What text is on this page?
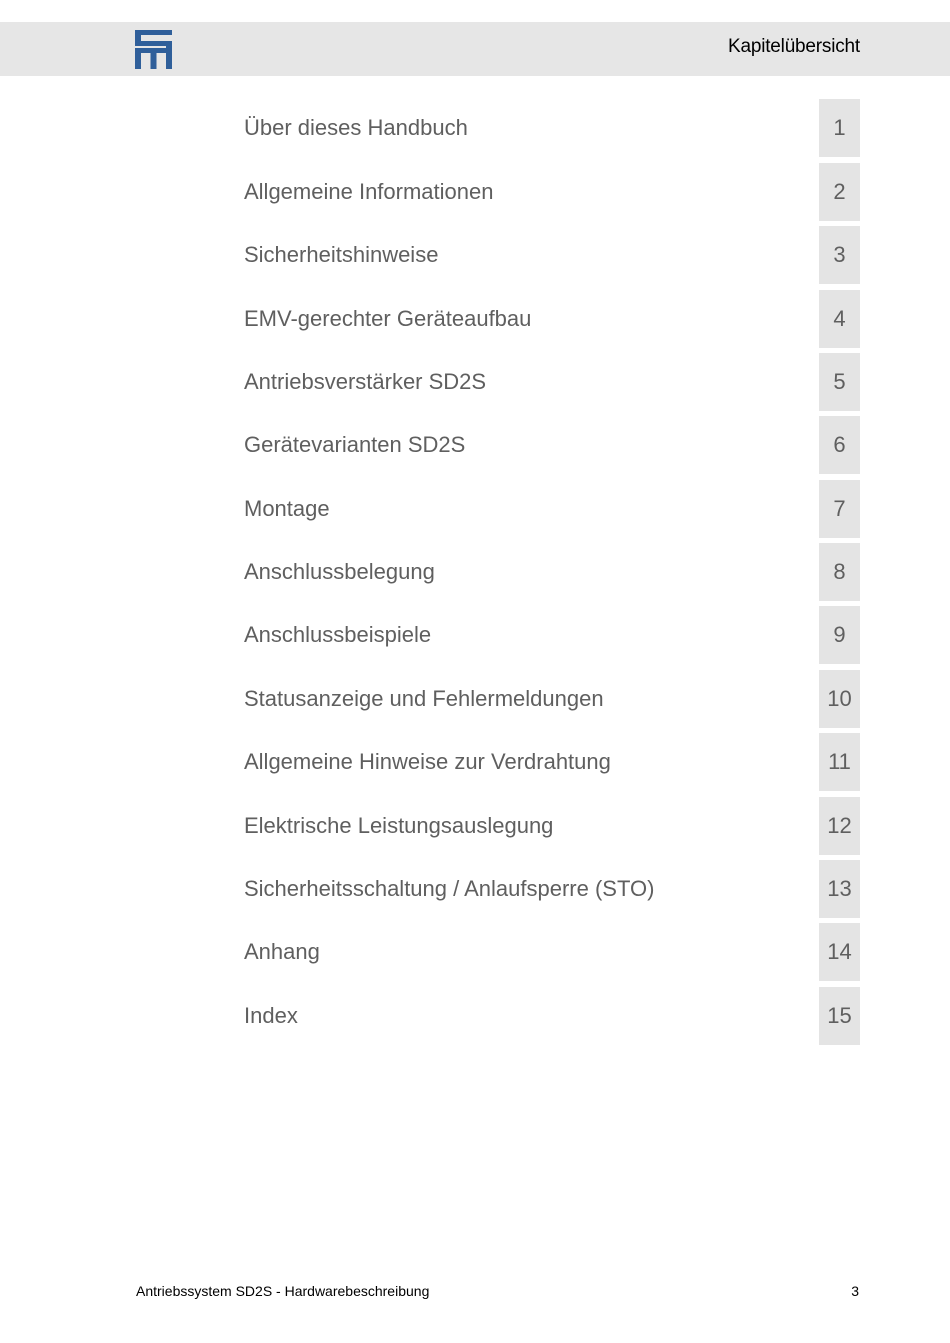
Kapitelübersicht
Über dieses Handbuch	1
Allgemeine Informationen	2
Sicherheitshinweise	3
EMV-gerechter Geräteaufbau	4
Antriebsverstärker SD2S	5
Gerätevarianten SD2S	6
Montage	7
Anschlussbelegung	8
Anschlussbeispiele	9
Statusanzeige und Fehlermeldungen	10
Allgemeine Hinweise zur Verdrahtung	11
Elektrische Leistungsauslegung	12
Sicherheitsschaltung / Anlaufsperre (STO)	13
Anhang	14
Index	15
Antriebssystem SD2S - Hardwarebeschreibung	3
